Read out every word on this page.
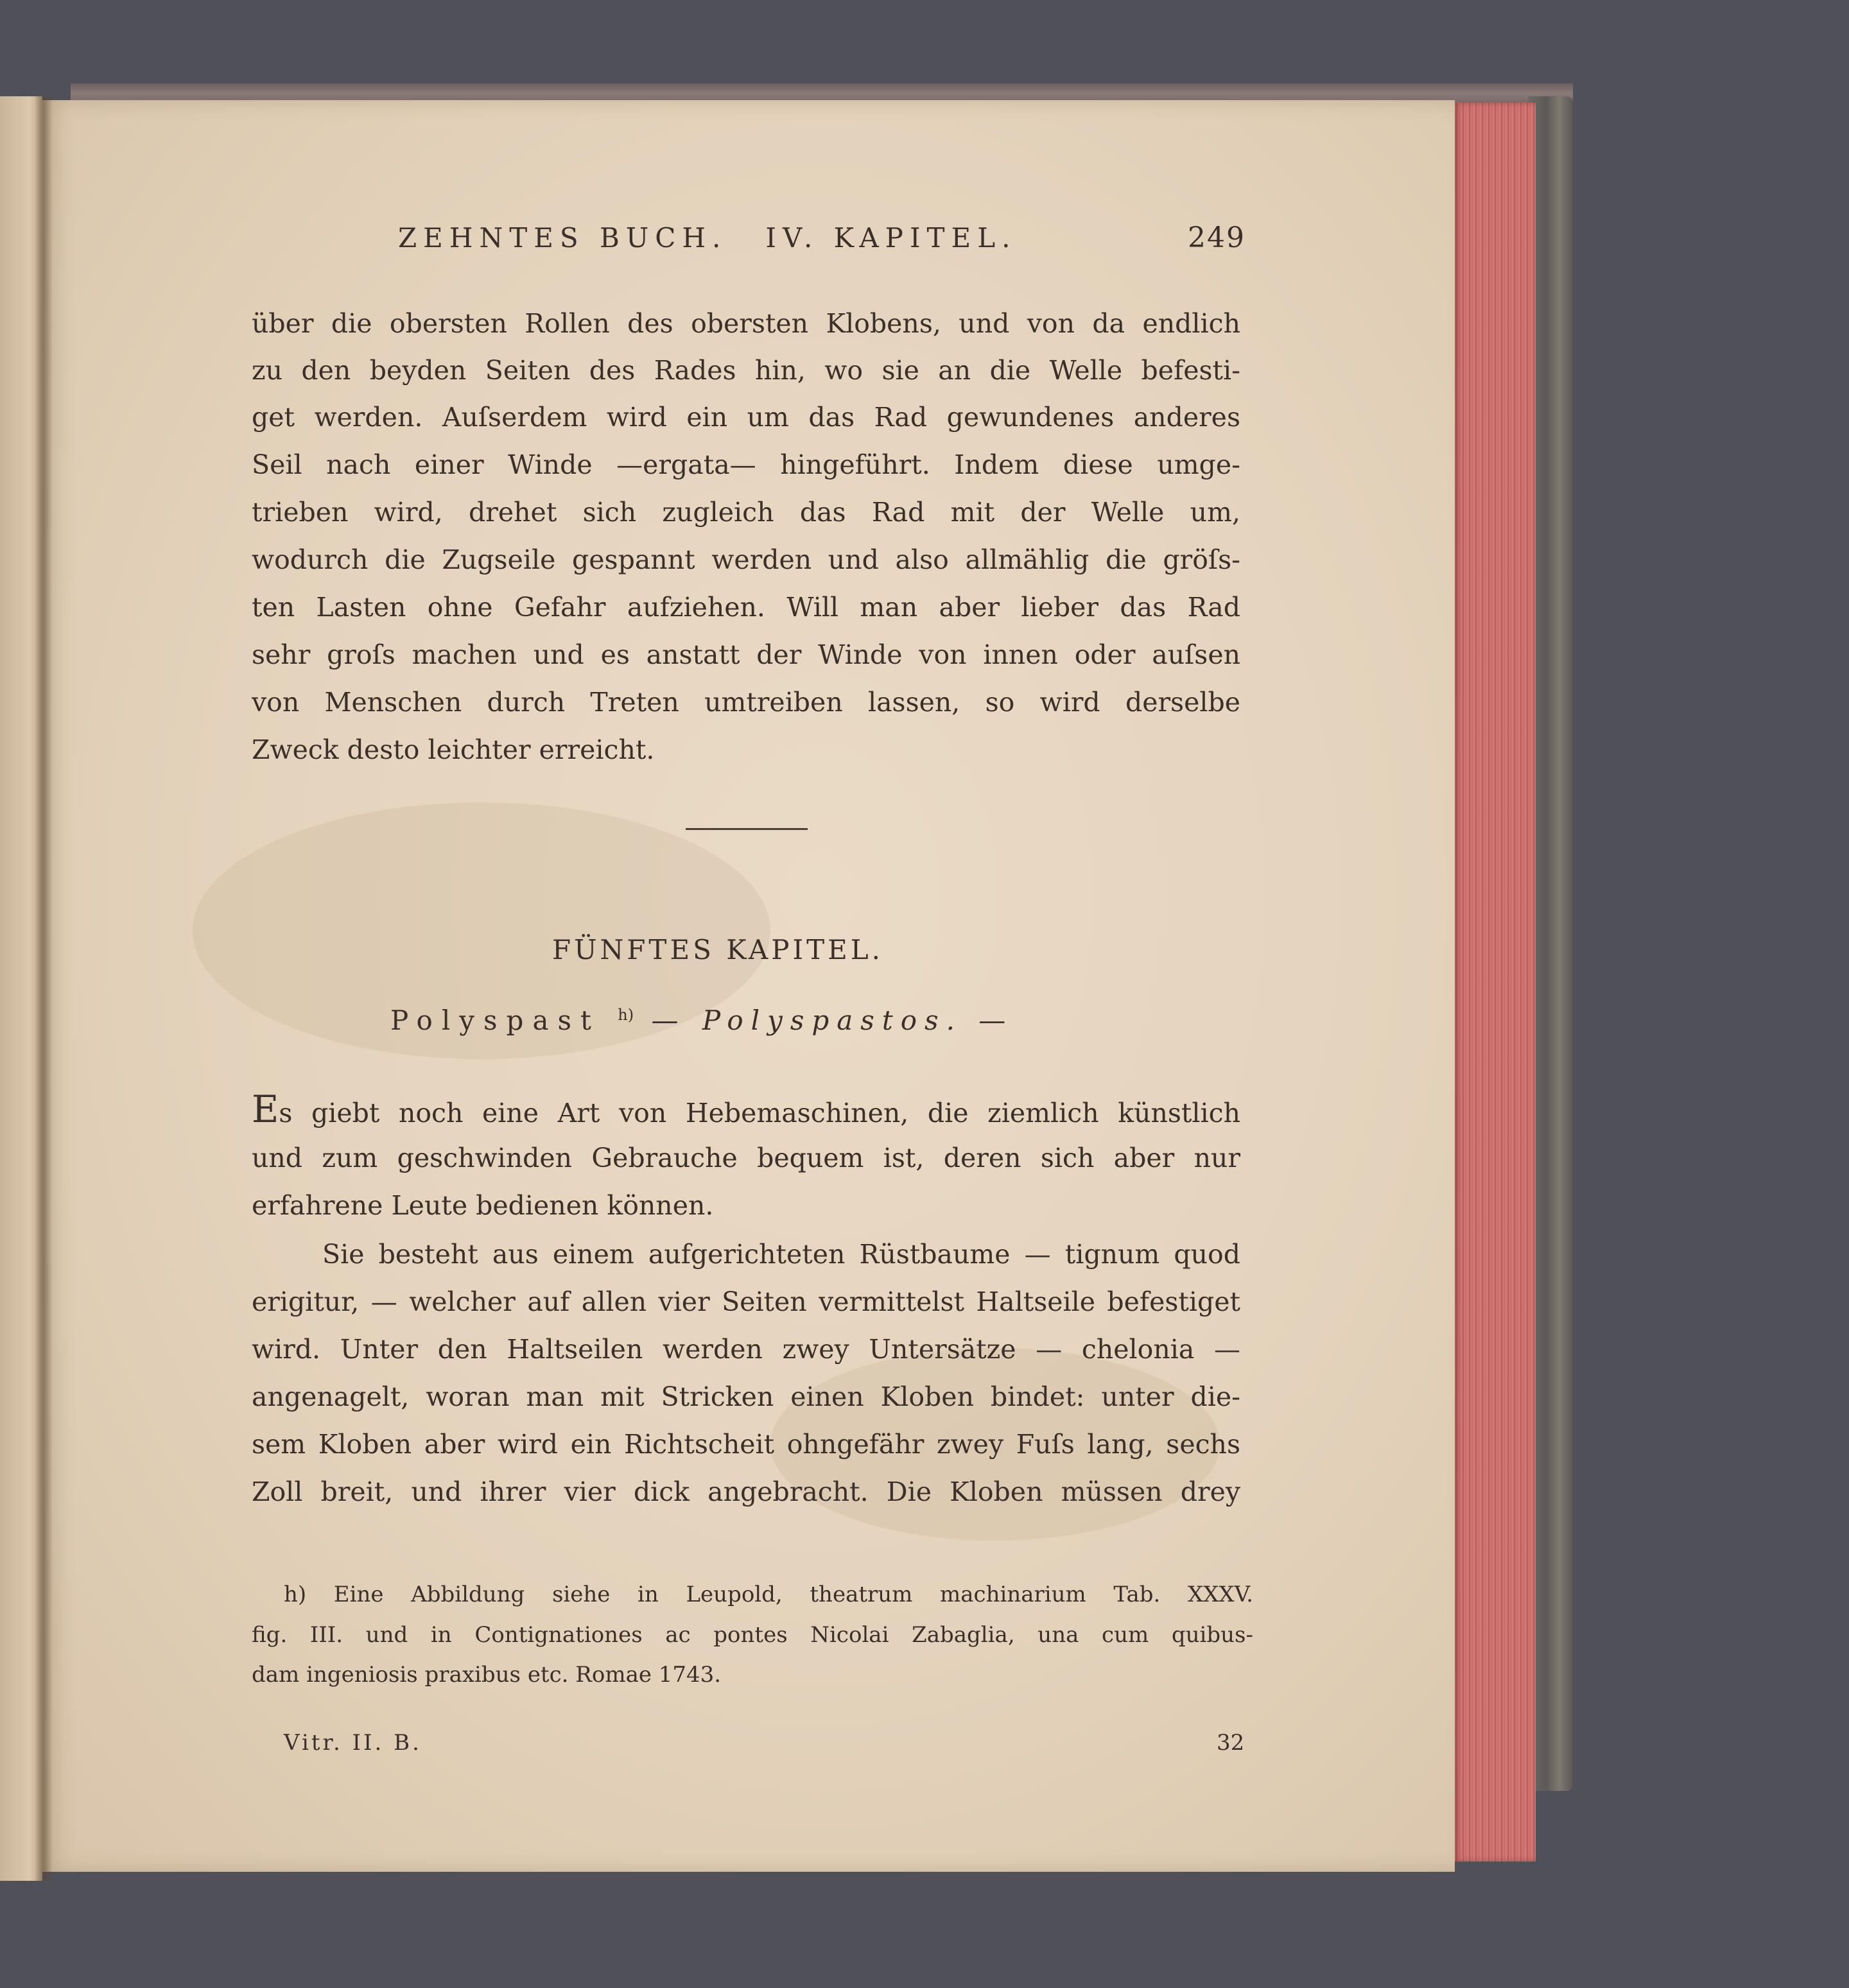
ZEHNTES BUCH. IV. KAPITEL.	249
über die obersten Rollen des obersten Klobens, und von da endlich
zu den beyden Seiten des Rades hin, wo sie an die Welle befesti-
get werden. Auſserdem wird ein um das Rad gewundenes anderes
Seil nach einer Winde —ergata— hingeführt. Indem diese umge-
trieben wird, drehet sich zugleich das Rad mit der Welle um,
wodurch die Zugseile gespannt werden und also allmählig die gröſs-
ten Lasten ohne Gefahr aufziehen. Will man aber lieber das Rad
sehr groſs machen und es anstatt der Winde von innen oder auſsen
von Menschen durch Treten umtreiben lassen, so wird derselbe
Zweck desto leichter erreicht.
FÜNFTES KAPITEL.
Polyspast $^{h)}$ — Polyspastos. —
Es giebt noch eine Art von Hebemaschinen, die ziemlich künstlich
und zum geschwinden Gebrauche bequem ist, deren sich aber nur
erfahrene Leute bedienen können.
Sie besteht aus einem aufgerichteten Rüstbaume — tignum quod
erigitur, — welcher auf allen vier Seiten vermittelst Haltseile befestiget
wird. Unter den Haltseilen werden zwey Untersätze — chelonia —
angenagelt, woran man mit Stricken einen Kloben bindet: unter die-
sem Kloben aber wird ein Richtscheit ohngefähr zwey Fuſs lang, sechs
Zoll breit, und ihrer vier dick angebracht. Die Kloben müssen drey
h) Eine Abbildung siehe in Leupold, theatrum machinarium Tab. XXXV.
fig. III. und in Contignationes ac pontes Nicolai Zabaglia, una cum quibus-
dam ingeniosis praxibus etc. Romae 1743.
Vitr. II. B.	32
